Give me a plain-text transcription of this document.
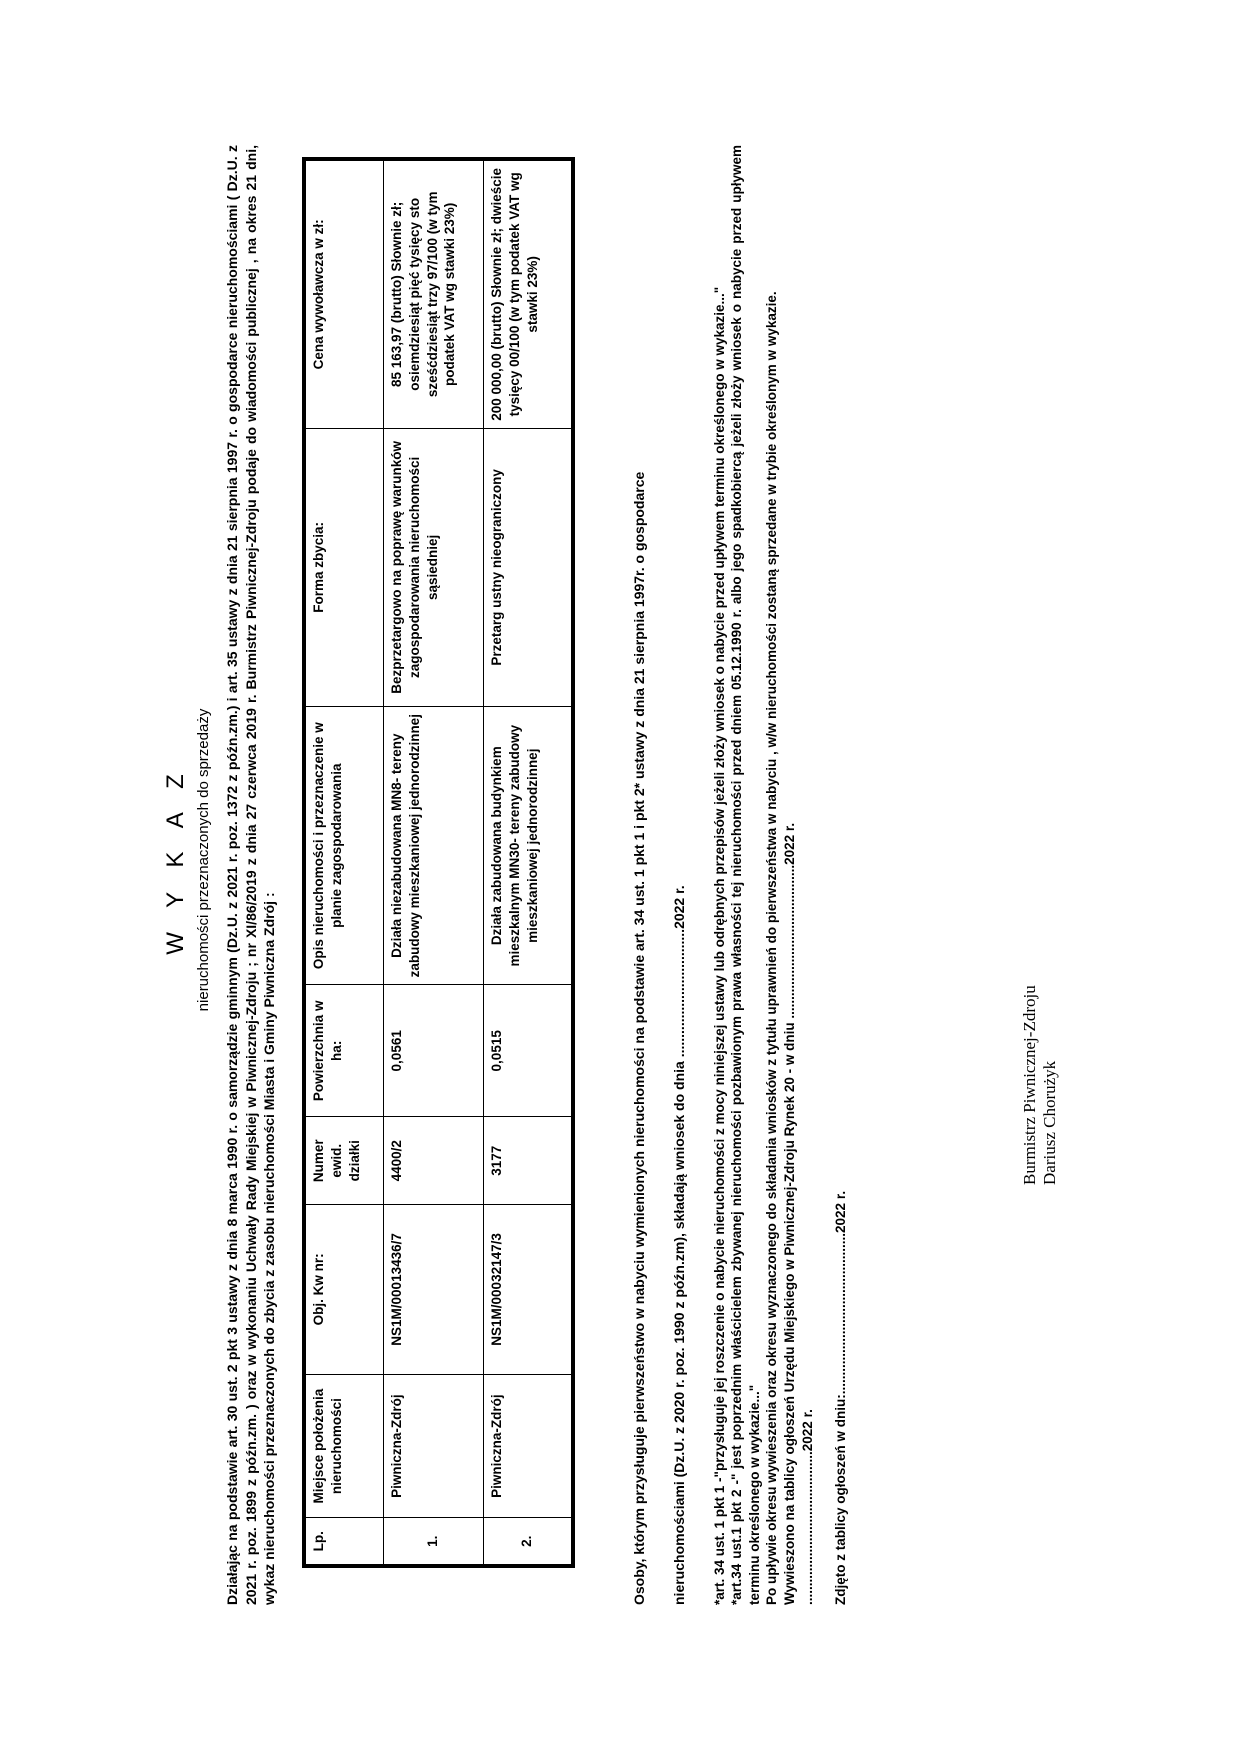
W Y K A Z nieruchomości przeznaczonych do sprzedaży Działając na podstawie art. 30 ust. 2 pkt 3 ustawy z dnia 8 marca 1990 r. o samorządzie gminnym (Dz.U. z 2021 r. poz. 1372 z późn.zm.) i art. 35 ustawy z dnia 21 sierpnia 1997 r. o gospodarce nieruchomościami ( Dz.U. z 2021 r. poz. 1899 z późn.zm. ) oraz w wykonaniu Uchwały Rady Miejskiej w Piwnicznej-Zdroju ; nr XI/86/2019 z dnia 27 czerwca 2019 r. Burmistrz Piwnicznej-Zdroju podaje do wiadomości publicznej , na okres 21 dni, wykaz nieruchomości przeznaczonych do zbycia z zasobu nieruchomości Miasta i Gminy Piwniczna Zdrój : Lp.	Miejsce położenia nieruchomości	Obj. Kw nr:	Numer ewid. działki	Powierzchnia w ha:	Opis nieruchomości i przeznaczenie w planie zagospodarowania	Forma zbycia:	Cena wywoławcza w zł:
1.	Piwniczna-Zdrój	NS1M/00013436/7	4400/2	0,0561	Działa niezabudowana MN8- tereny zabudowy mieszkaniowej jednorodzinnej	Bezprzetargowo na poprawę warunków zagospodarowania nieruchomości sąsiedniej	85 163,97 (brutto) Słownie zł; osiemdziesiąt pięć tysięcy sto sześćdziesiąt trzy 97/100 (w tym podatek VAT wg stawki 23%)
2.	Piwniczna-Zdrój	NS1M/00032147/3	3177	0,0515	Działa zabudowana budynkiem mieszkalnym MN30- tereny zabudowy mieszkaniowej jednorodzinnej	Przetarg ustny nieograniczony	200 000,00 (brutto) Słownie zł; dwieście tysięcy 00/100 (w tym podatek VAT wg stawki 23%)

Osoby, którym przysługuje pierwszeństwo w nabyciu wymienionych nieruchomości na podstawie art. 34 ust. 1 pkt 1 i pkt 2* ustawy z dnia 21 sierpnia 1997r. o gospodarce nieruchomościami (Dz.U. z 2020 r. poz. 1990 z późn.zm), składają wniosek do dnia .................................2022 r. *art. 34 ust. 1 pkt 1 -"przysługuje jej roszczenie o nabycie nieruchomości z mocy niniejszej ustawy lub odrębnych przepisów jeżeli złoży wniosek o nabycie przed upływem terminu określonego w wykazie..." *art.34 ust.1 pkt 2 -" jest poprzednim właścicielem zbywanej nieruchomości pozbawionym prawa własności tej nieruchomości przed dniem 05.12.1990 r. albo jego spadkobiercą jeżeli złoży wniosek o nabycie przed upływem terminu określonego w wykazie..." Po upływie okresu wywieszenia oraz okresu wyznaczonego do składania wniosków z tytułu uprawnień do pierwszeństwa w nabyciu , w/w nieruchomości zostaną sprzedane w trybie określonym w wykazie. Wywieszono na tablicy ogłoszeń Urzędu Miejskiego w Piwnicznej-Zdroju Rynek 20 - w dniu .........................................2022 r. .........................................2022 r. Zdjęto z tablicy ogłoszeń w dniu:...........................................2022 r.
Burmistrz Piwnicznej-Zdroju Dariusz Chorużyk
